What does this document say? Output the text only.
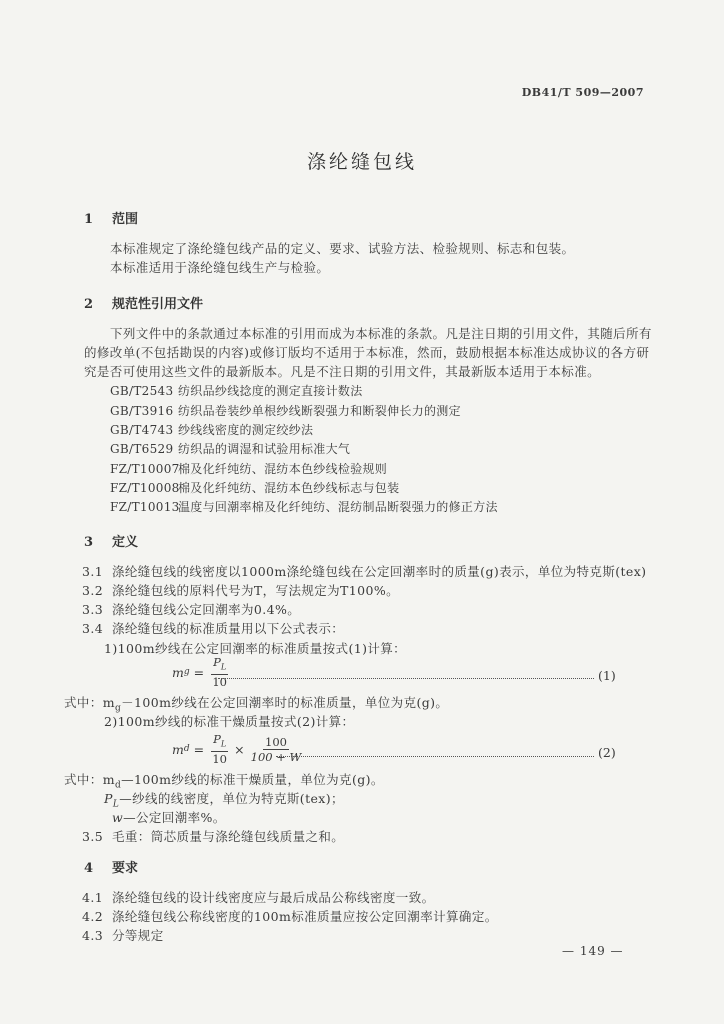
DB41/T 509—2007
涤纶缝包线
1 范围
本标准规定了涤纶缝包线产品的定义、要求、试验方法、检验规则、标志和包装。
本标准适用于涤纶缝包线生产与检验。
2 规范性引用文件
下列文件中的条款通过本标准的引用而成为本标准的条款。凡是注日期的引用文件，其随后所有
的修改单(不包括勘误的内容)或修订版均不适用于本标准，然而，鼓励根据本标准达成协议的各方研
究是否可使用这些文件的最新版本。凡是不注日期的引用文件，其最新版本适用于本标准。
GB/T2543 纺织品纱线捻度的测定直接计数法
GB/T3916 纺织品卷装纱单根纱线断裂强力和断裂伸长力的测定
GB/T4743 纱线线密度的测定绞纱法
GB/T6529 纺织品的调湿和试验用标准大气
FZ/T10007棉及化纤纯纺、混纺本色纱线检验规则
FZ/T10008棉及化纤纯纺、混纺本色纱线标志与包装
FZ/T10013温度与回潮率棉及化纤纯纺、混纺制品断裂强力的修正方法
3 定义
3.1 涤纶缝包线的线密度以1000m涤纶缝包线在公定回潮率时的质量(g)表示，单位为特克斯(tex)
3.2 涤纶缝包线的原料代号为T，写法规定为T100%。
3.3 涤纶缝包线公定回潮率为0.4%。
3.4 涤纶缝包线的标准质量用以下公式表示：
1)100m纱线在公定回潮率的标准质量按式(1)计算：
m $g = \frac{P_L}{10}$	(1)
式中：$m_g-100m$纱线在公定回潮率时的标准质量，单位为克(g)。
2)100m纱线的标准干燥质量按式(2)计算：
m $d = \frac{P_L}{10} \times \frac{100}{100 + W}$	(2)
式中：$m_d—100m$纱线的标准干燥质量，单位为克(g)。
$P_L—$纱线的线密度，单位为特克斯(tex)；
w—公定回潮率%。
3.5 毛重：筒芯质量与涤纶缝包线质量之和。
4 要求
4.1 涤纶缝包线的设计线密度应与最后成品公称线密度一致。
4.2 涤纶缝包线公称线密度的100m标准质量应按公定回潮率计算确定。
4.3 分等规定
— 149 —
